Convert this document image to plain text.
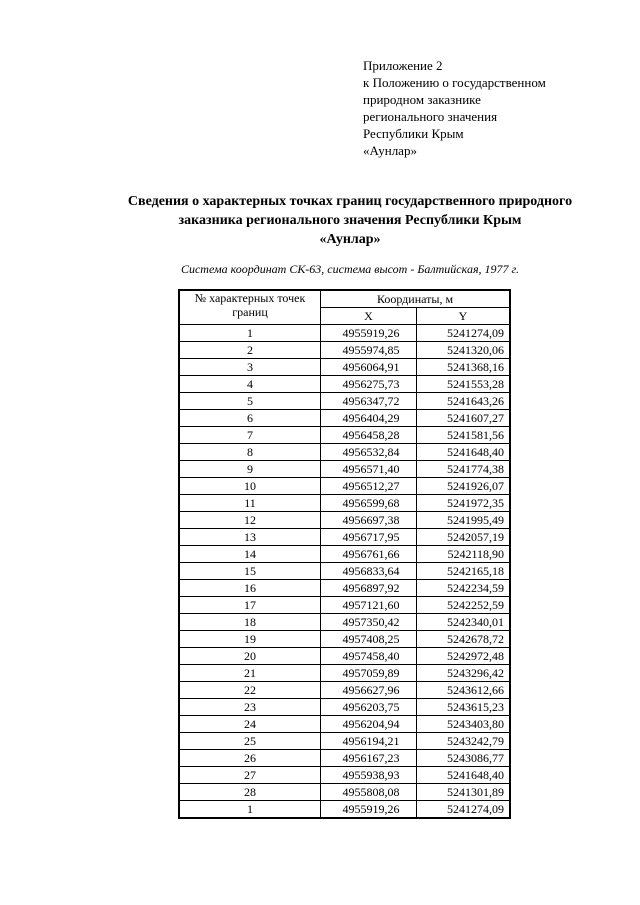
Приложение 2
к Положению о государственном
природном заказнике
регионального значения
Республики Крым
«Аунлар»
Сведения о характерных точках границ государственного природного
заказника регионального значения Республики Крым
«Аунлар»
Система координат СК-63, система высот - Балтийская, 1977 г.
№ характерных точек границ	Координаты, м	
	X	Y
1	4955919,26	5241274,09
2	4955974,85	5241320,06
3	4956064,91	5241368,16
4	4956275,73	5241553,28
5	4956347,72	5241643,26
6	4956404,29	5241607,27
7	4956458,28	5241581,56
8	4956532,84	5241648,40
9	4956571,40	5241774,38
10	4956512,27	5241926,07
11	4956599,68	5241972,35
12	4956697,38	5241995,49
13	4956717,95	5242057,19
14	4956761,66	5242118,90
15	4956833,64	5242165,18
16	4956897,92	5242234,59
17	4957121,60	5242252,59
18	4957350,42	5242340,01
19	4957408,25	5242678,72
20	4957458,40	5242972,48
21	4957059,89	5243296,42
22	4956627,96	5243612,66
23	4956203,75	5243615,23
24	4956204,94	5243403,80
25	4956194,21	5243242,79
26	4956167,23	5243086,77
27	4955938,93	5241648,40
28	4955808,08	5241301,89
1	4955919,26	5241274,09
